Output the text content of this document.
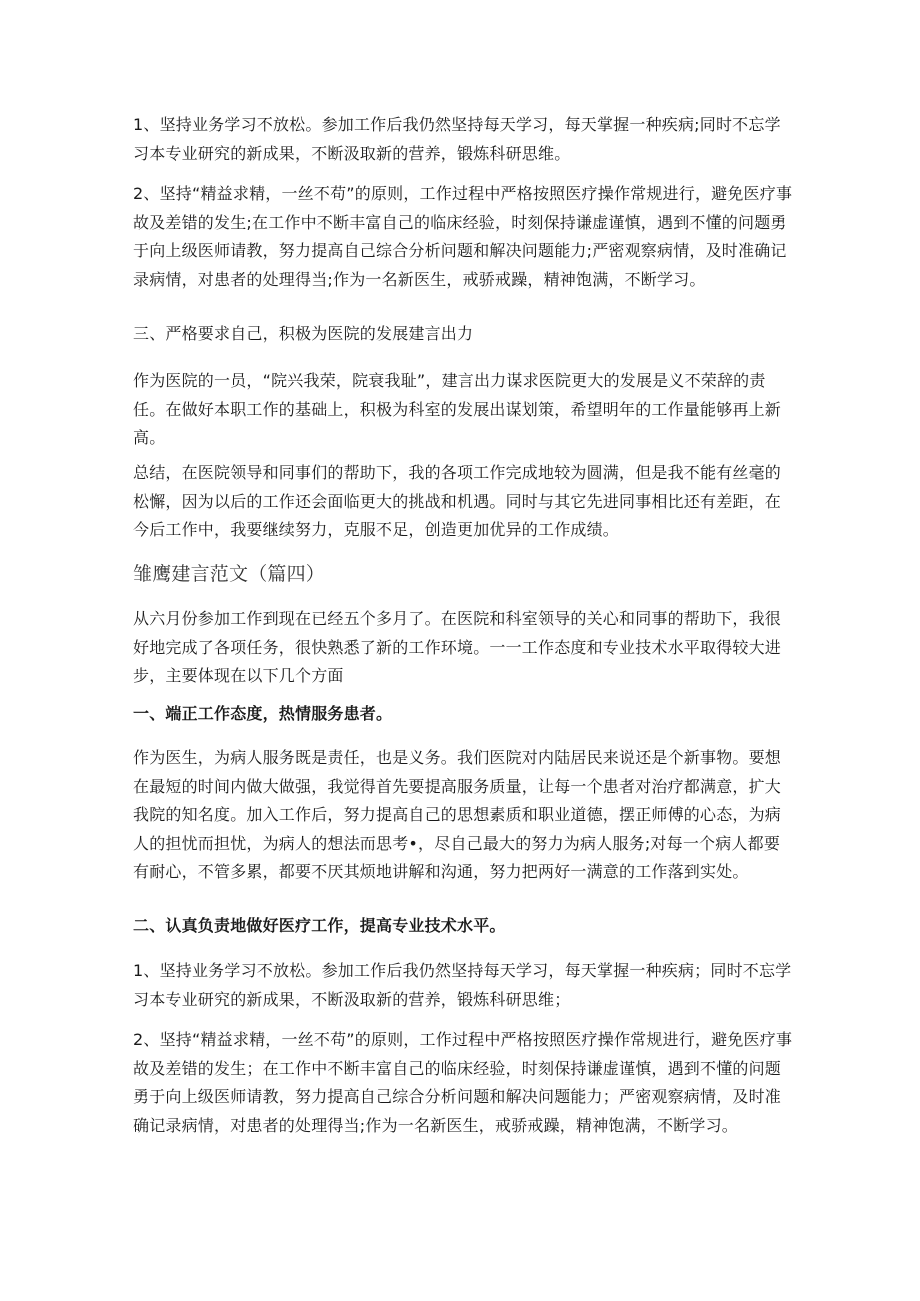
1、坚持业务学习不放松。参加工作后我仍然坚持每天学习，每天掌握一种疾病;同时不忘学习本专业研究的新成果，不断汲取新的营养，锻炼科研思维。

2、坚持“精益求精，一丝不苟”的原则，工作过程中严格按照医疗操作常规进行，避免医疗事故及差错的发生;在工作中不断丰富自己的临床经验，时刻保持谦虚谨慎，遇到不懂的问题勇于向上级医师请教，努力提高自己综合分析问题和解决问题能力;严密观察病情，及时准确记录病情，对患者的处理得当;作为一名新医生，戒骄戒躁，精神饱满，不断学习。

三、严格要求自己，积极为医院的发展建言出力

作为医院的一员，“院兴我荣，院衰我耻”，建言出力谋求医院更大的发展是义不荣辞的责任。在做好本职工作的基础上，积极为科室的发展出谋划策，希望明年的工作量能够再上新高。

总结，在医院领导和同事们的帮助下，我的各项工作完成地较为圆满，但是我不能有丝毫的松懈，因为以后的工作还会面临更大的挑战和机遇。同时与其它先进同事相比还有差距，在今后工作中，我要继续努力，克服不足，创造更加优异的工作成绩。

雏鹰建言范文（篇四）

从六月份参加工作到现在已经五个多月了。在医院和科室领导的关心和同事的帮助下，我很好地完成了各项任务，很快熟悉了新的工作环境。一一工作态度和专业技术水平取得较大进步，主要体现在以下几个方面

一、端正工作态度，热情服务患者。

作为医生，为病人服务既是责任，也是义务。我们医院对内陆居民来说还是个新事物。要想在最短的时间内做大做强，我觉得首先要提高服务质量，让每一个患者对治疗都满意，扩大我院的知名度。加入工作后，努力提高自己的思想素质和职业道德，摆正师傅的心态，为病人的担忧而担忧，为病人的想法而思考•，尽自己最大的努力为病人服务;对每一个病人都要有耐心，不管多累，都要不厌其烦地讲解和沟通，努力把两好一满意的工作落到实处。

二、认真负责地做好医疗工作，提高专业技术水平。

1、坚持业务学习不放松。参加工作后我仍然坚持每天学习，每天掌握一种疾病；同时不忘学习本专业研究的新成果，不断汲取新的营养，锻炼科研思维；

2、坚持“精益求精，一丝不苟”的原则，工作过程中严格按照医疗操作常规进行，避免医疗事故及差错的发生；在工作中不断丰富自己的临床经验，时刻保持谦虚谨慎，遇到不懂的问题勇于向上级医师请教，努力提高自己综合分析问题和解决问题能力；严密观察病情，及时准确记录病情，对患者的处理得当;作为一名新医生，戒骄戒躁，精神饱满，不断学习。
